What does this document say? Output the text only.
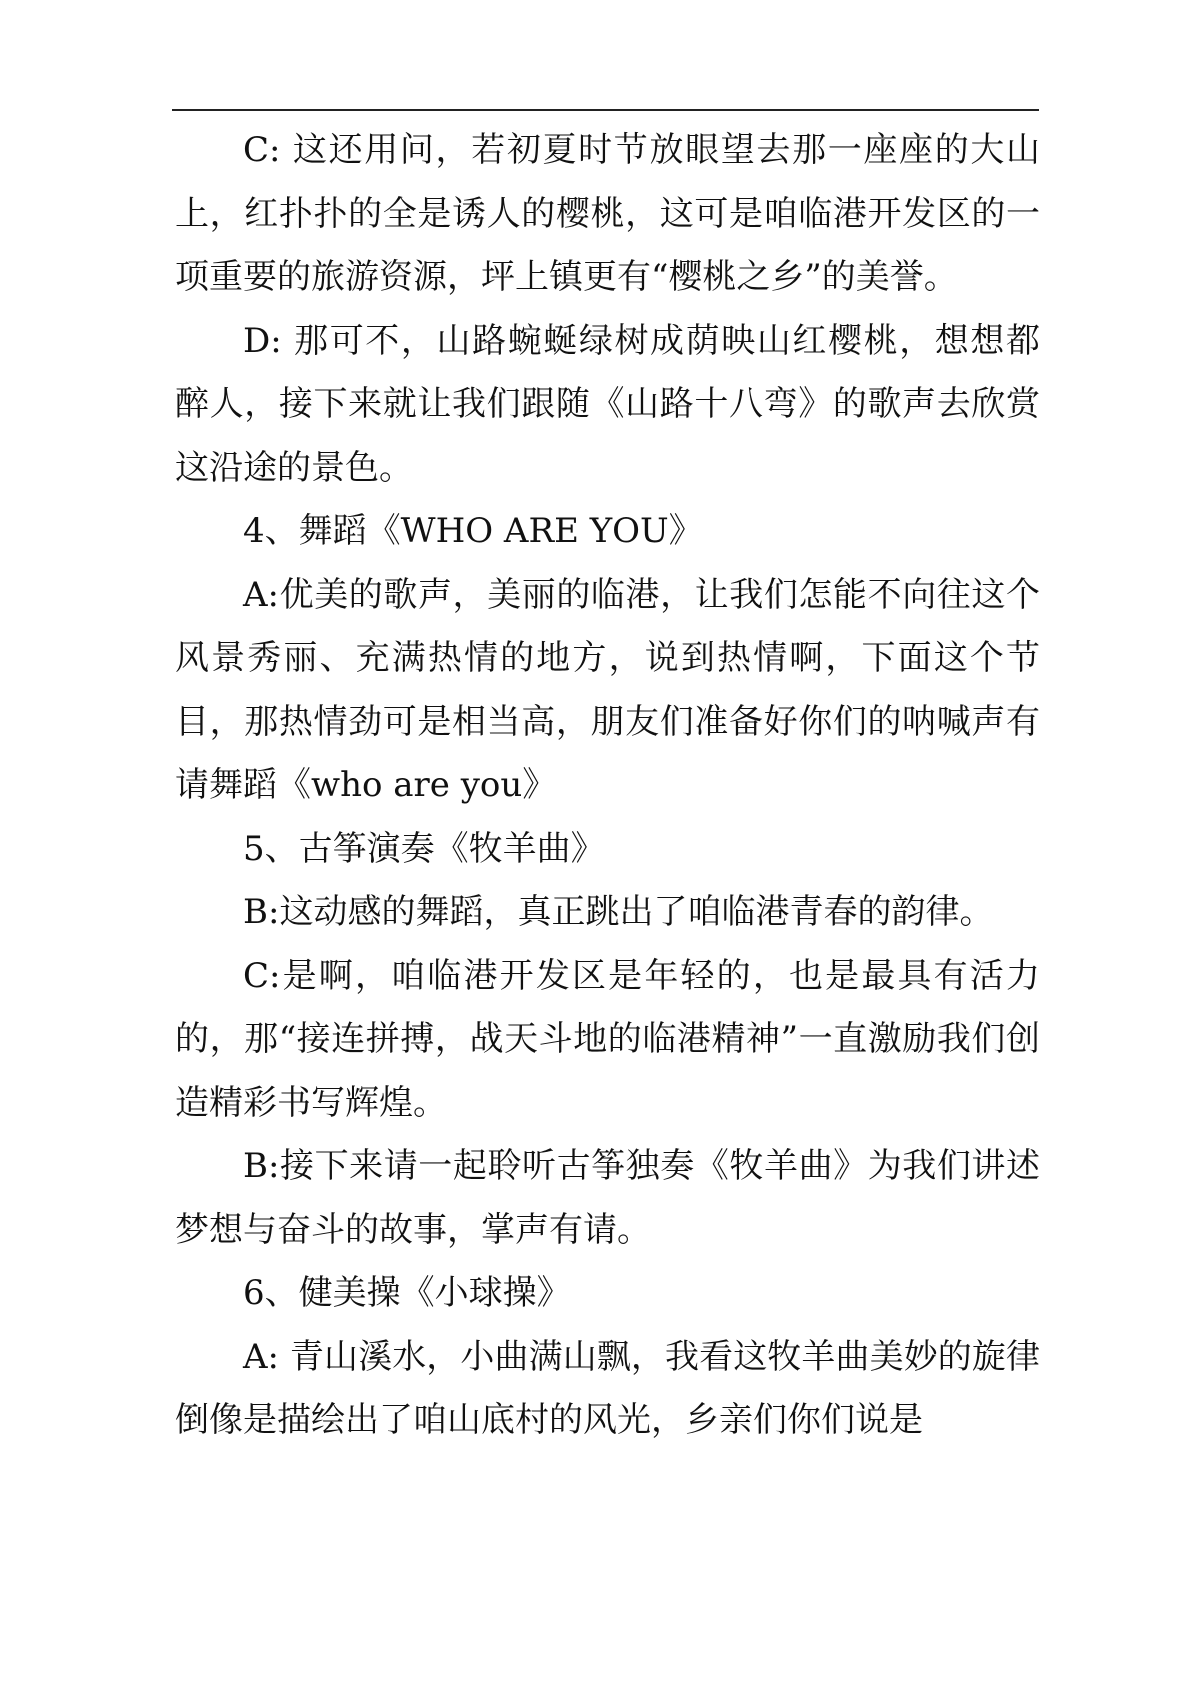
C: 这还用问，若初夏时节放眼望去那一座座的大山上，红扑扑的全是诱人的樱桃，这可是咱临港开发区的一项重要的旅游资源，坪上镇更有“樱桃之乡”的美誉。

D: 那可不，山路蜿蜒绿树成荫映山红樱桃，想想都醉人，接下来就让我们跟随《山路十八弯》的歌声去欣赏这沿途的景色。

4、舞蹈《WHO ARE YOU》

A:优美的歌声，美丽的临港，让我们怎能不向往这个风景秀丽、充满热情的地方，说到热情啊，下面这个节目，那热情劲可是相当高，朋友们准备好你们的呐喊声有请舞蹈《who are you》

5、古筝演奏《牧羊曲》

B:这动感的舞蹈，真正跳出了咱临港青春的韵律。

C:是啊，咱临港开发区是年轻的，也是最具有活力的，那“接连拼搏，战天斗地的临港精神”一直激励我们创造精彩书写辉煌。

B:接下来请一起聆听古筝独奏《牧羊曲》为我们讲述梦想与奋斗的故事，掌声有请。

6、健美操《小球操》

A: 青山溪水，小曲满山飘，我看这牧羊曲美妙的旋律倒像是描绘出了咱山底村的风光，乡亲们你们说是
